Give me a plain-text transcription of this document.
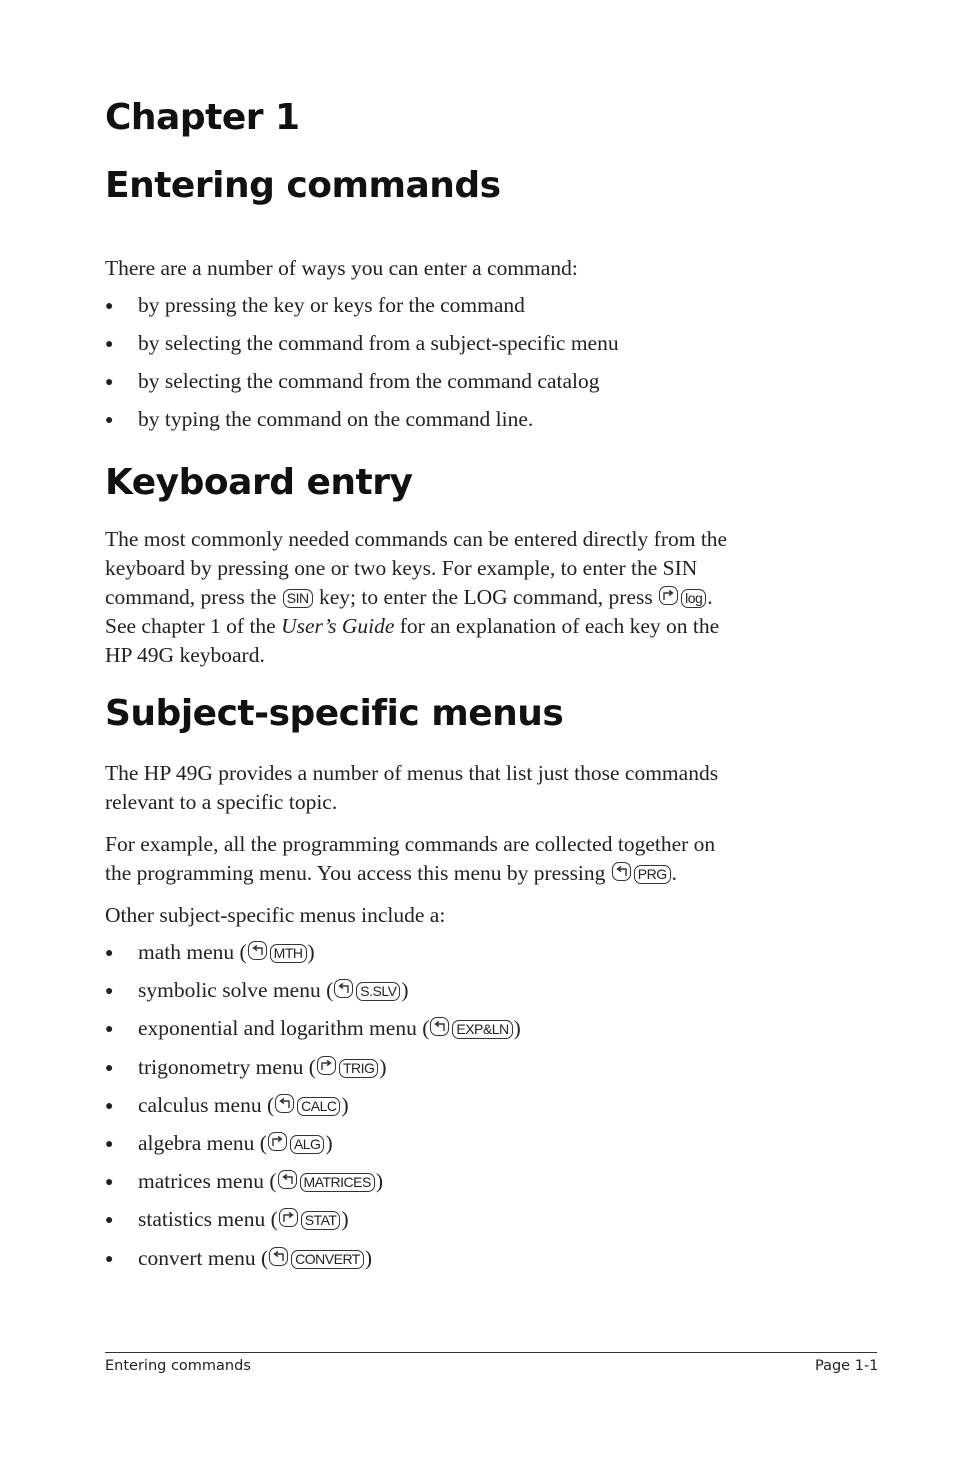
Chapter 1
Entering commands

There are a number of ways you can enter a command:

● by pressing the key or keys for the command
● by selecting the command from a subject-specific menu
● by selecting the command from the command catalog
● by typing the command on the command line.
Keyboard entry
The most commonly needed commands can be entered directly from the
keyboard by pressing one or two keys. For example, to enter the SIN
command, press the SIN key; to enter the LOG command, press log .
See chapter 1 of the User’s Guide for an explanation of each key on the
HP 49G keyboard.
Subject-specific menus
The HP 49G provides a number of menus that list just those commands
relevant to a specific topic.
For example, all the programming commands are collected together on
the programming menu. You access this menu by pressing PRG .

Other subject-specific menus include a:

● math menu ( MTH )
● symbolic solve menu ( S.SLV )
● exponential and logarithm menu ( EXP&LN )
● trigonometry menu ( TRIG )
● calculus menu ( CALC )
● algebra menu ( ALG )
● matrices menu ( MATRICES )
● statistics menu ( STAT )
● convert menu ( CONVERT )
Entering commands	Page 1-1
